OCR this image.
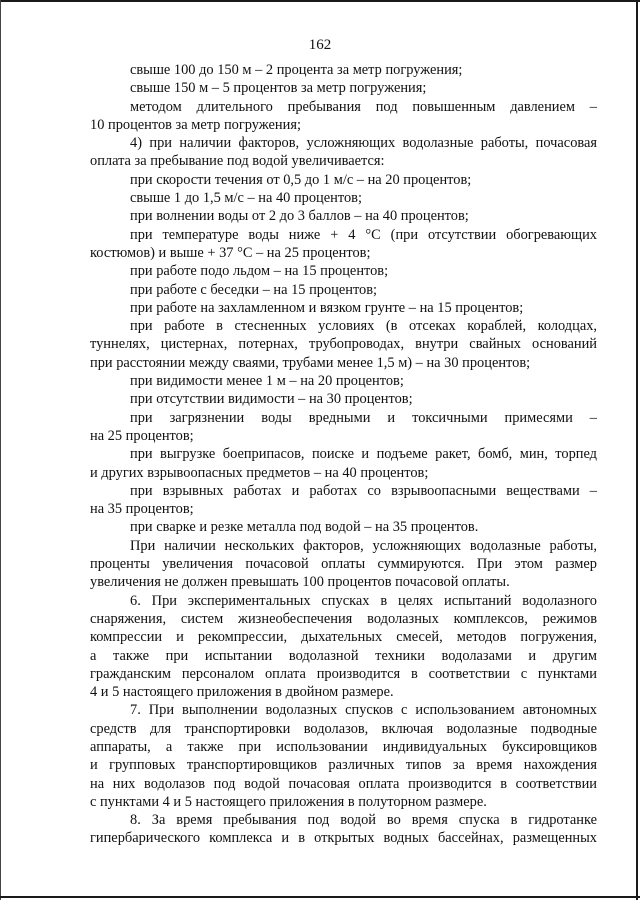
162
свыше 100 до 150 м – 2 процента за метр погружения;
свыше 150 м – 5 процентов за метр погружения;
методом длительного пребывания под повышенным давлением –
10 процентов за метр погружения;
4) при наличии факторов, усложняющих водолазные работы, почасовая
оплата за пребывание под водой увеличивается:
при скорости течения от 0,5 до 1 м/с – на 20 процентов;
свыше 1 до 1,5 м/с – на 40 процентов;
при волнении воды от 2 до 3 баллов – на 40 процентов;
при температуре воды ниже + 4 °С (при отсутствии обогревающих
костюмов) и выше + 37 °С – на 25 процентов;
при работе подо льдом – на 15 процентов;
при работе с беседки – на 15 процентов;
при работе на захламленном и вязком грунте – на 15 процентов;
при работе в стесненных условиях (в отсеках кораблей, колодцах,
туннелях, цистернах, потернах, трубопроводах, внутри свайных оснований
при расстоянии между сваями, трубами менее 1,5 м) – на 30 процентов;
при видимости менее 1 м – на 20 процентов;
при отсутствии видимости – на 30 процентов;
при загрязнении воды вредными и токсичными примесями –
на 25 процентов;
при выгрузке боеприпасов, поиске и подъеме ракет, бомб, мин, торпед
и других взрывоопасных предметов – на 40 процентов;
при взрывных работах и работах со взрывоопасными веществами –
на 35 процентов;
при сварке и резке металла под водой – на 35 процентов.
При наличии нескольких факторов, усложняющих водолазные работы,
проценты увеличения почасовой оплаты суммируются. При этом размер
увеличения не должен превышать 100 процентов почасовой оплаты.
6. При экспериментальных спусках в целях испытаний водолазного
снаряжения, систем жизнеобеспечения водолазных комплексов, режимов
компрессии и рекомпрессии, дыхательных смесей, методов погружения,
а также при испытании водолазной техники водолазами и другим
гражданским персоналом оплата производится в соответствии с пунктами
4 и 5 настоящего приложения в двойном размере.
7. При выполнении водолазных спусков с использованием автономных
средств для транспортировки водолазов, включая водолазные подводные
аппараты, а также при использовании индивидуальных буксировщиков
и групповых транспортировщиков различных типов за время нахождения
на них водолазов под водой почасовая оплата производится в соответствии
с пунктами 4 и 5 настоящего приложения в полуторном размере.
8. За время пребывания под водой во время спуска в гидротанке
гипербарического комплекса и в открытых водных бассейнах, размещенных
